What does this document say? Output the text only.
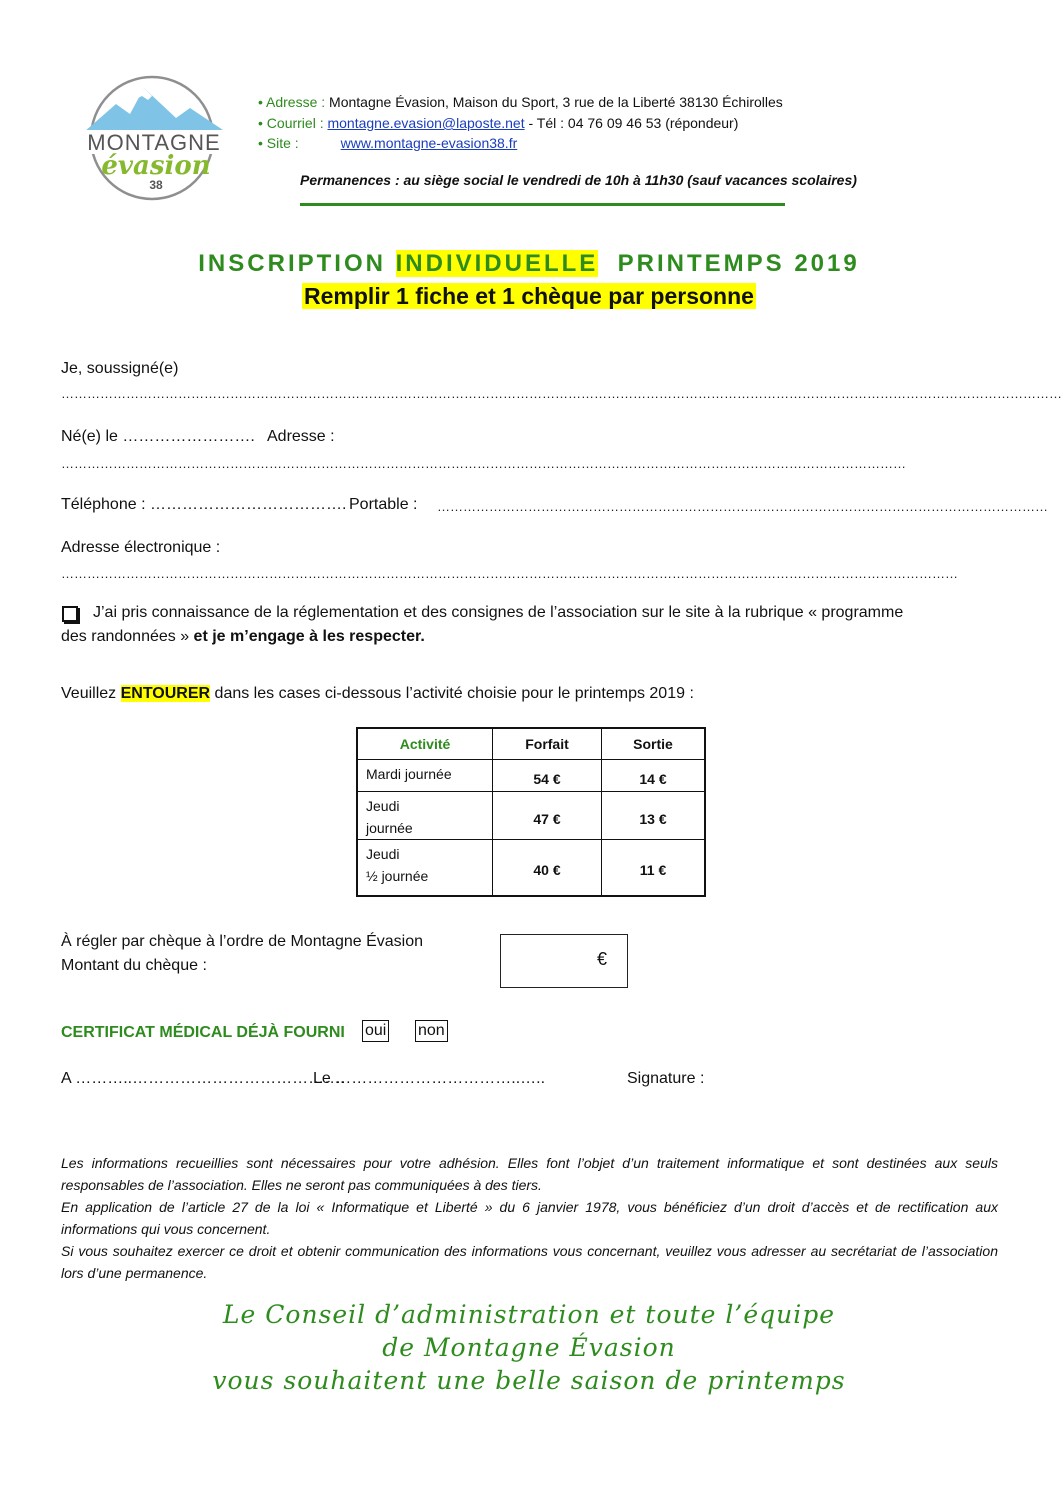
MONTAGNE
évasion
38
• Adresse : Montagne Évasion, Maison du Sport, 3 rue de la Liberté 38130 Échirolles
• Courriel : montagne.evasion@laposte.net - Tél : 04 76 09 46 53 (répondeur)
• Site :	www.montagne-evasion38.fr
Permanences : au siège social le vendredi de 10h à 11h30 (sauf vacances scolaires)
INSCRIPTION INDIVIDUELLE  PRINTEMPS 2019
Remplir 1 fiche et 1 chèque par personne
Je, soussigné(e)
……………………………………………………………………………………………………………………………………………………………………………………………………………
Né(e) le ……………………. Adresse :
……………………………………………………………………………………………………………………………………………………………………………
Téléphone : ………………………………. Portable : ……………………………………………………………………………………………………………………………
Adresse électronique :
………………………………………………………………………………………………………………………………………………………………………………………
J’ai pris connaissance de la réglementation et des consignes de l’association sur le site à la rubrique « programme
des randonnées » et je m’engage à les respecter.
Veuillez ENTOURER dans les cases ci-dessous l’activité choisie pour le printemps 2019 :
Activité	Forfait	Sortie
Mardi journée	54 €	14 €
Jeudi
journée	47 €	13 €
Jeudi
½ journée	40 €	11 €
À régler par chèque à l’ordre de Montagne Évasion
Montant du chèque :	€
CERTIFICAT MÉDICAL DÉJÀ FOURNI oui non
A ………..………………………………….
Le ……………………………..…..	Signature :

Les informations recueillies sont nécessaires pour votre adhésion. Elles font l’objet d’un traitement informatique et sont destinées aux seuls responsables de l’association. Elles ne seront pas communiquées à des tiers.

En application de l’article 27 de la loi « Informatique et Liberté » du 6 janvier 1978, vous bénéficiez d’un droit d’accès et de rectification aux informations qui vous concernent.

Si vous souhaitez exercer ce droit et obtenir communication des informations vous concernant, veuillez vous adresser au secrétariat de l’association lors d’une permanence.

Le Conseil d’administration et toute l’équipe
de Montagne Évasion
vous souhaitent une belle saison de printemps
